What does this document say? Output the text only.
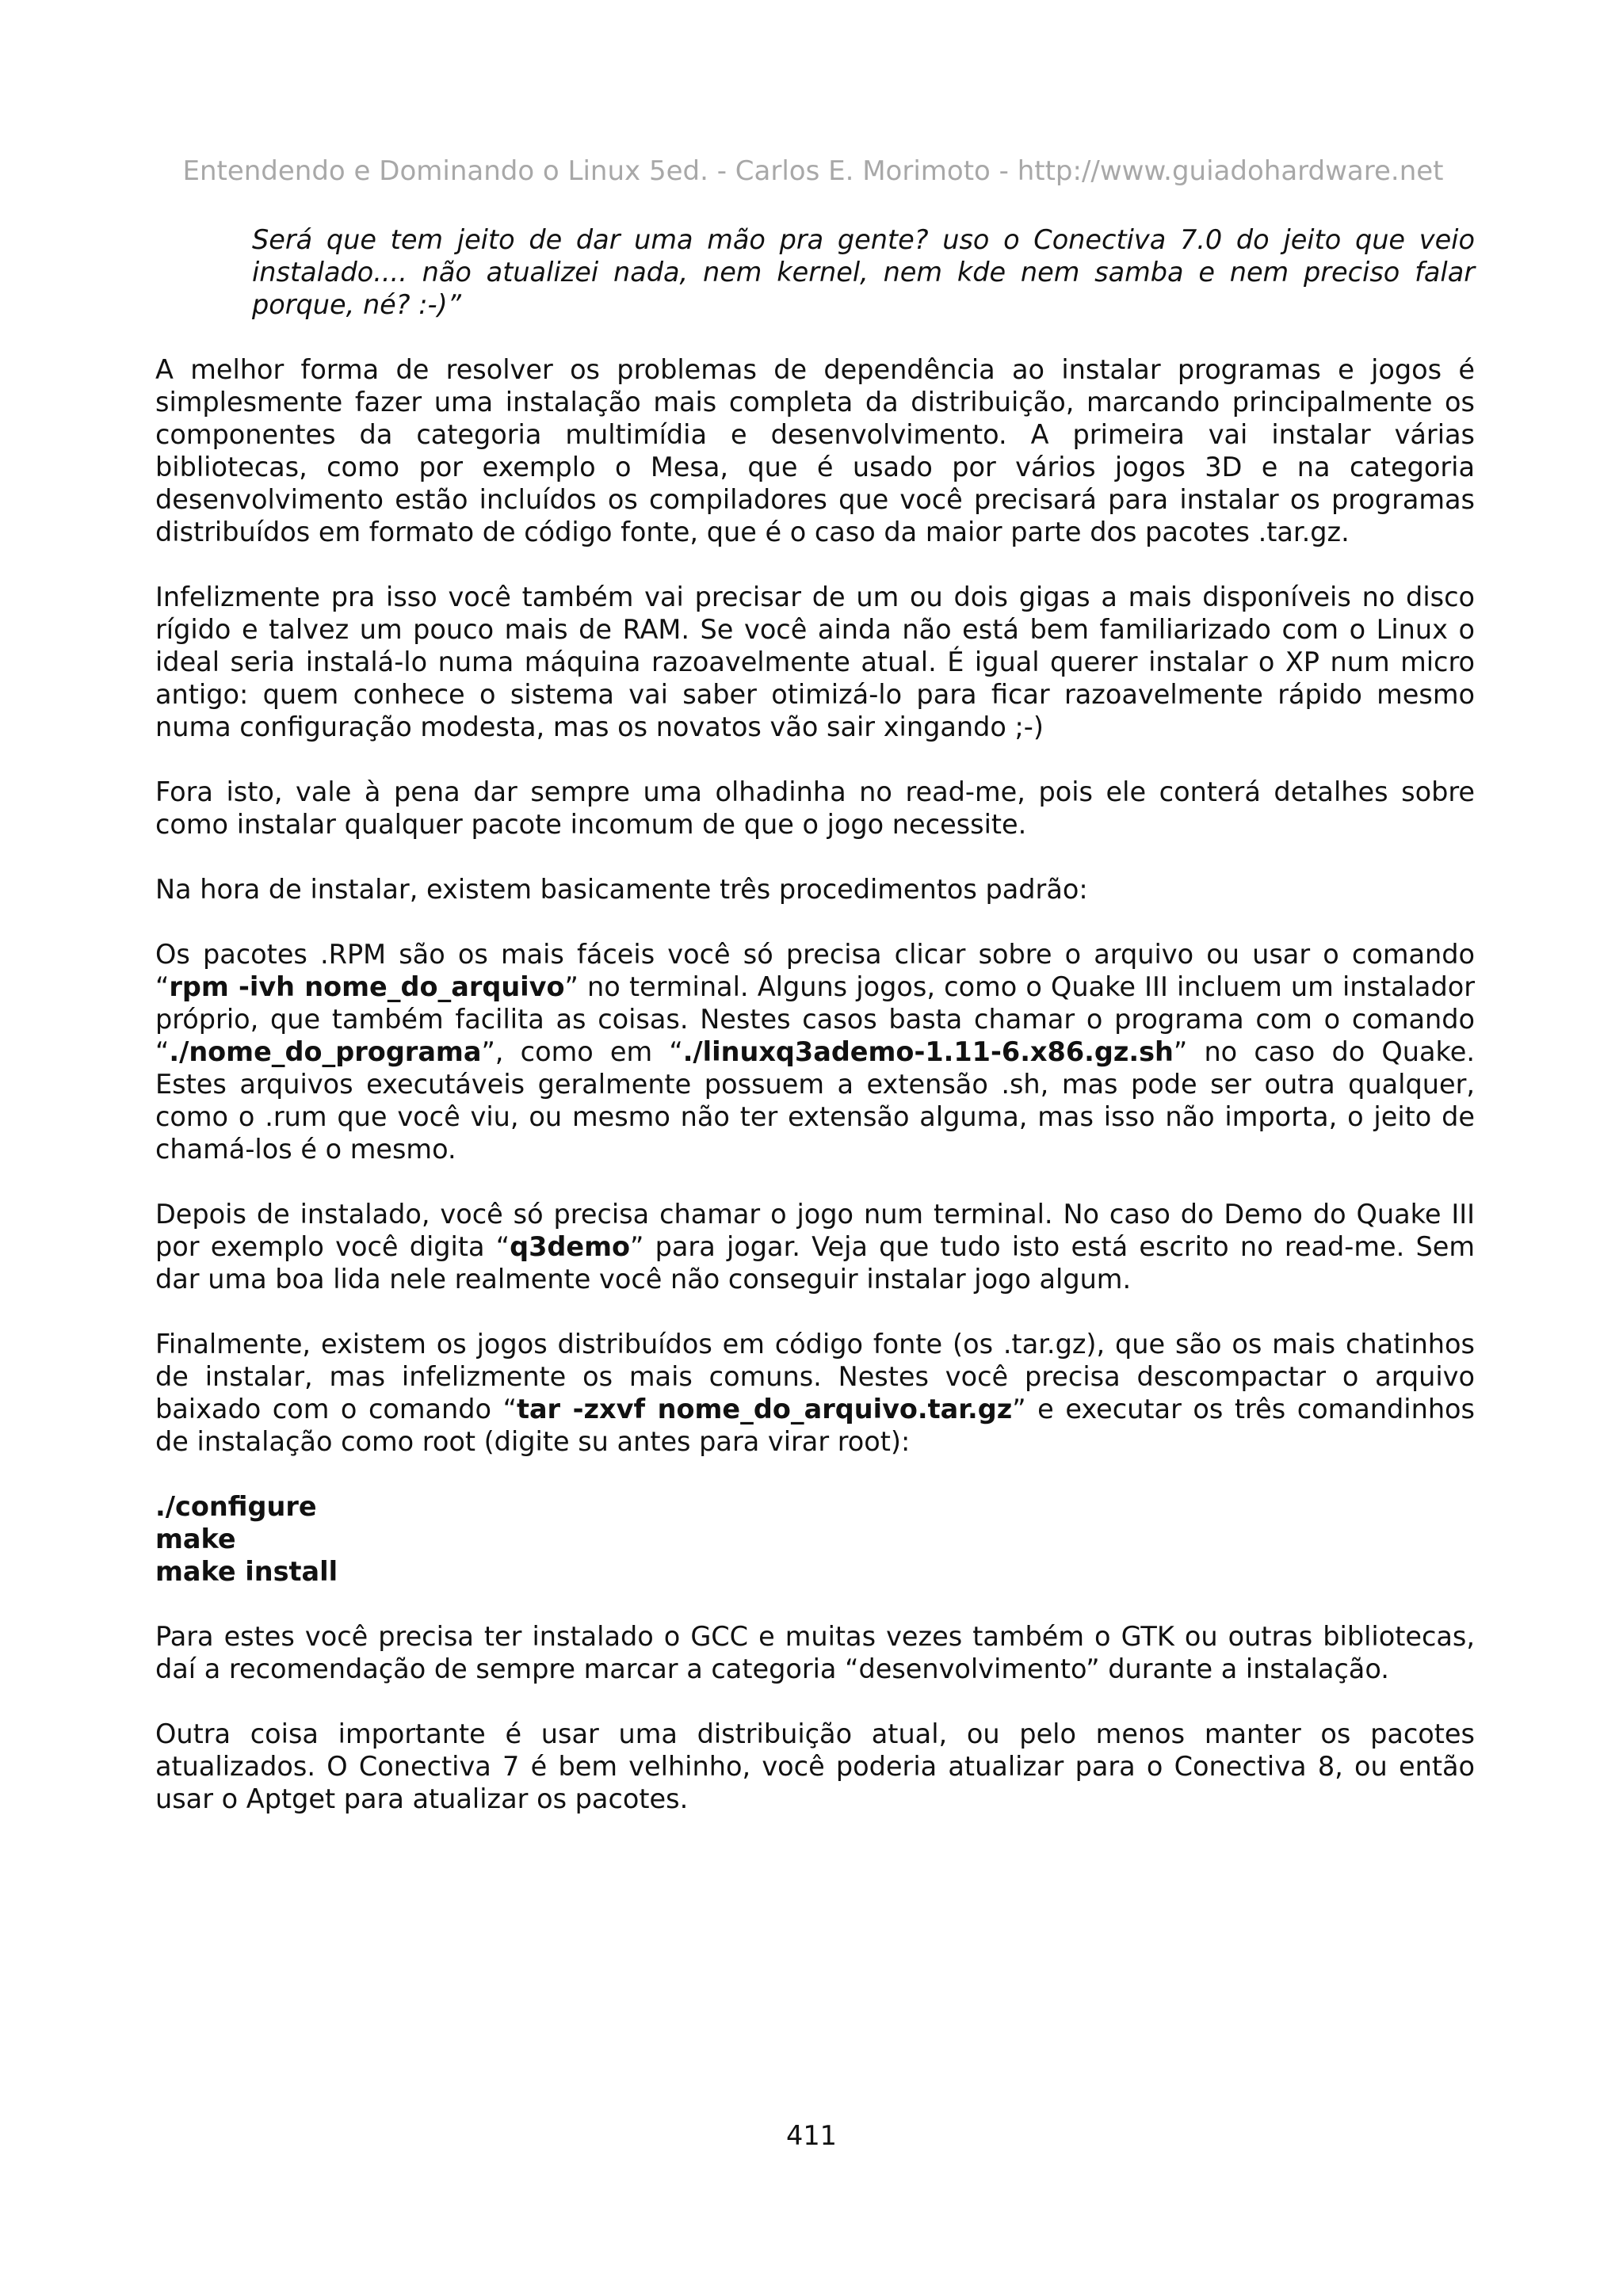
Entendendo e Dominando o Linux 5ed. - Carlos E. Morimoto - http://www.guiadohardware.net
Será que tem jeito de dar uma mão pra gente? uso o Conectiva 7.0 do jeito que veio instalado.... não atualizei nada, nem kernel, nem kde nem samba e nem preciso falar porque, né? :-)”

A melhor forma de resolver os problemas de dependência ao instalar programas e jogos é simplesmente fazer uma instalação mais completa da distribuição, marcando principalmente os componentes da categoria multimídia e desenvolvimento. A primeira vai instalar várias bibliotecas, como por exemplo o Mesa, que é usado por vários jogos 3D e na categoria desenvolvimento estão incluídos os compiladores que você precisará para instalar os programas distribuídos em formato de código fonte, que é o caso da maior parte dos pacotes .tar.gz.

Infelizmente pra isso você também vai precisar de um ou dois gigas a mais disponíveis no disco rígido e talvez um pouco mais de RAM. Se você ainda não está bem familiarizado com o Linux o ideal seria instalá-lo numa máquina razoavelmente atual. É igual querer instalar o XP num micro antigo: quem conhece o sistema vai saber otimizá-lo para ficar razoavelmente rápido mesmo numa configuração modesta, mas os novatos vão sair xingando ;-)

Fora isto, vale à pena dar sempre uma olhadinha no read-me, pois ele conterá detalhes sobre como instalar qualquer pacote incomum de que o jogo necessite.

Na hora de instalar, existem basicamente três procedimentos padrão:

Os pacotes .RPM são os mais fáceis você só precisa clicar sobre o arquivo ou usar o comando “rpm -ivh nome_do_arquivo” no terminal. Alguns jogos, como o Quake III incluem um instalador próprio, que também facilita as coisas. Nestes casos basta chamar o programa com o comando “./nome_do_programa”, como em “./linuxq3ademo-1.11-6.x86.gz.sh” no caso do Quake. Estes arquivos executáveis geralmente possuem a extensão .sh, mas pode ser outra qualquer, como o .rum que você viu, ou mesmo não ter extensão alguma, mas isso não importa, o jeito de chamá-los é o mesmo.

Depois de instalado, você só precisa chamar o jogo num terminal. No caso do Demo do Quake III por exemplo você digita “q3demo” para jogar. Veja que tudo isto está escrito no read-me. Sem dar uma boa lida nele realmente você não conseguir instalar jogo algum.

Finalmente, existem os jogos distribuídos em código fonte (os .tar.gz), que são os mais chatinhos de instalar, mas infelizmente os mais comuns. Nestes você precisa descompactar o arquivo baixado com o comando “tar -zxvf nome_do_arquivo.tar.gz” e executar os três comandinhos de instalação como root (digite su antes para virar root):

./configure
make
make install

Para estes você precisa ter instalado o GCC e muitas vezes também o GTK ou outras bibliotecas, daí a recomendação de sempre marcar a categoria “desenvolvimento” durante a instalação.

Outra coisa importante é usar uma distribuição atual, ou pelo menos manter os pacotes atualizados. O Conectiva 7 é bem velhinho, você poderia atualizar para o Conectiva 8, ou então usar o Aptget para atualizar os pacotes.

411
